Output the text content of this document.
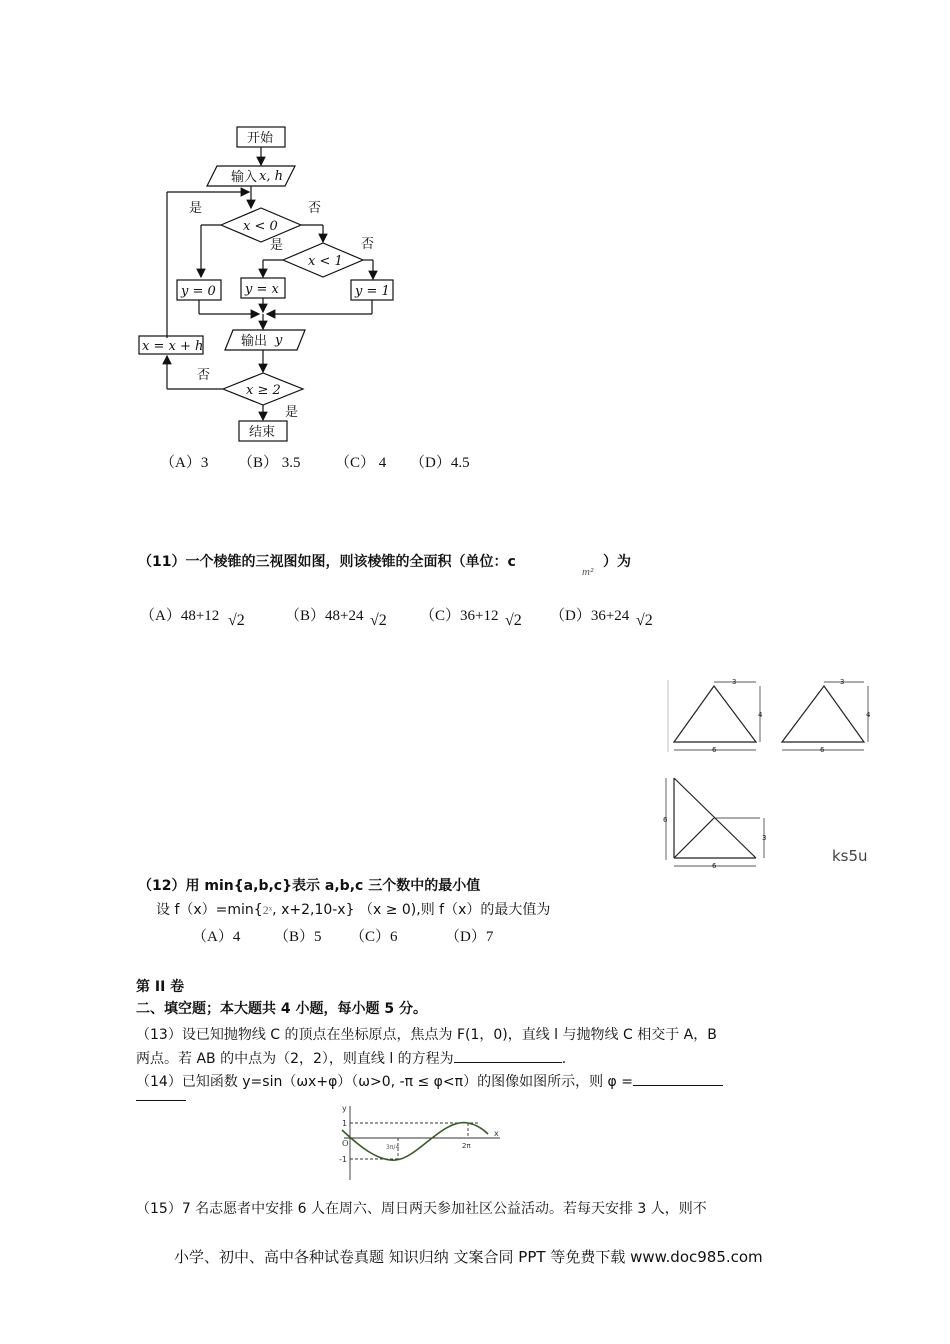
开始
输入 x, h
是	否
x < 0
是	否
x < 1
y = 0 y = x	y = 1
输出 y
x = x + h
否
x ≥ 2
是
结束
（A）3 （B） 3.5 （C） 4 （D）4.5
（11）一个棱锥的三视图如图，则该棱锥的全面积（单位：c
m²
）为
（A）48+12 √2	（B）48+24 √2 （C）36+12 √2 （D）36+24 √2
3
4
6
3
4
6
6
3
6
ks5u
（12）用 min{a,b,c}表示 a,b,c 三个数中的最小值
设 f（x）=min{2ˣ, x+2,10-x} （x ≥ 0),则 f（x）的最大值为
（A）4 （B）5 （C）6	（D）7
第 II 卷
二、填空题；本大题共 4 小题，每小题 5 分。
（13）设已知抛物线 C 的顶点在坐标原点，焦点为 F(1，0)，直线 l 与抛物线 C 相交于 A，B
两点。若 AB 的中点为（2，2），则直线 l 的方程为	.
（14）已知函数 y=sin（ωx+φ）（ω>0, -π ≤ φ<π）的图像如图所示，则 φ =
y
x
O
1
-1
3π/4	2π
（15）7 名志愿者中安排 6 人在周六、周日两天参加社区公益活动。若每天安排 3 人，则不
小学、初中、高中各种试卷真题 知识归纳 文案合同 PPT 等免费下载 www.doc985.com
